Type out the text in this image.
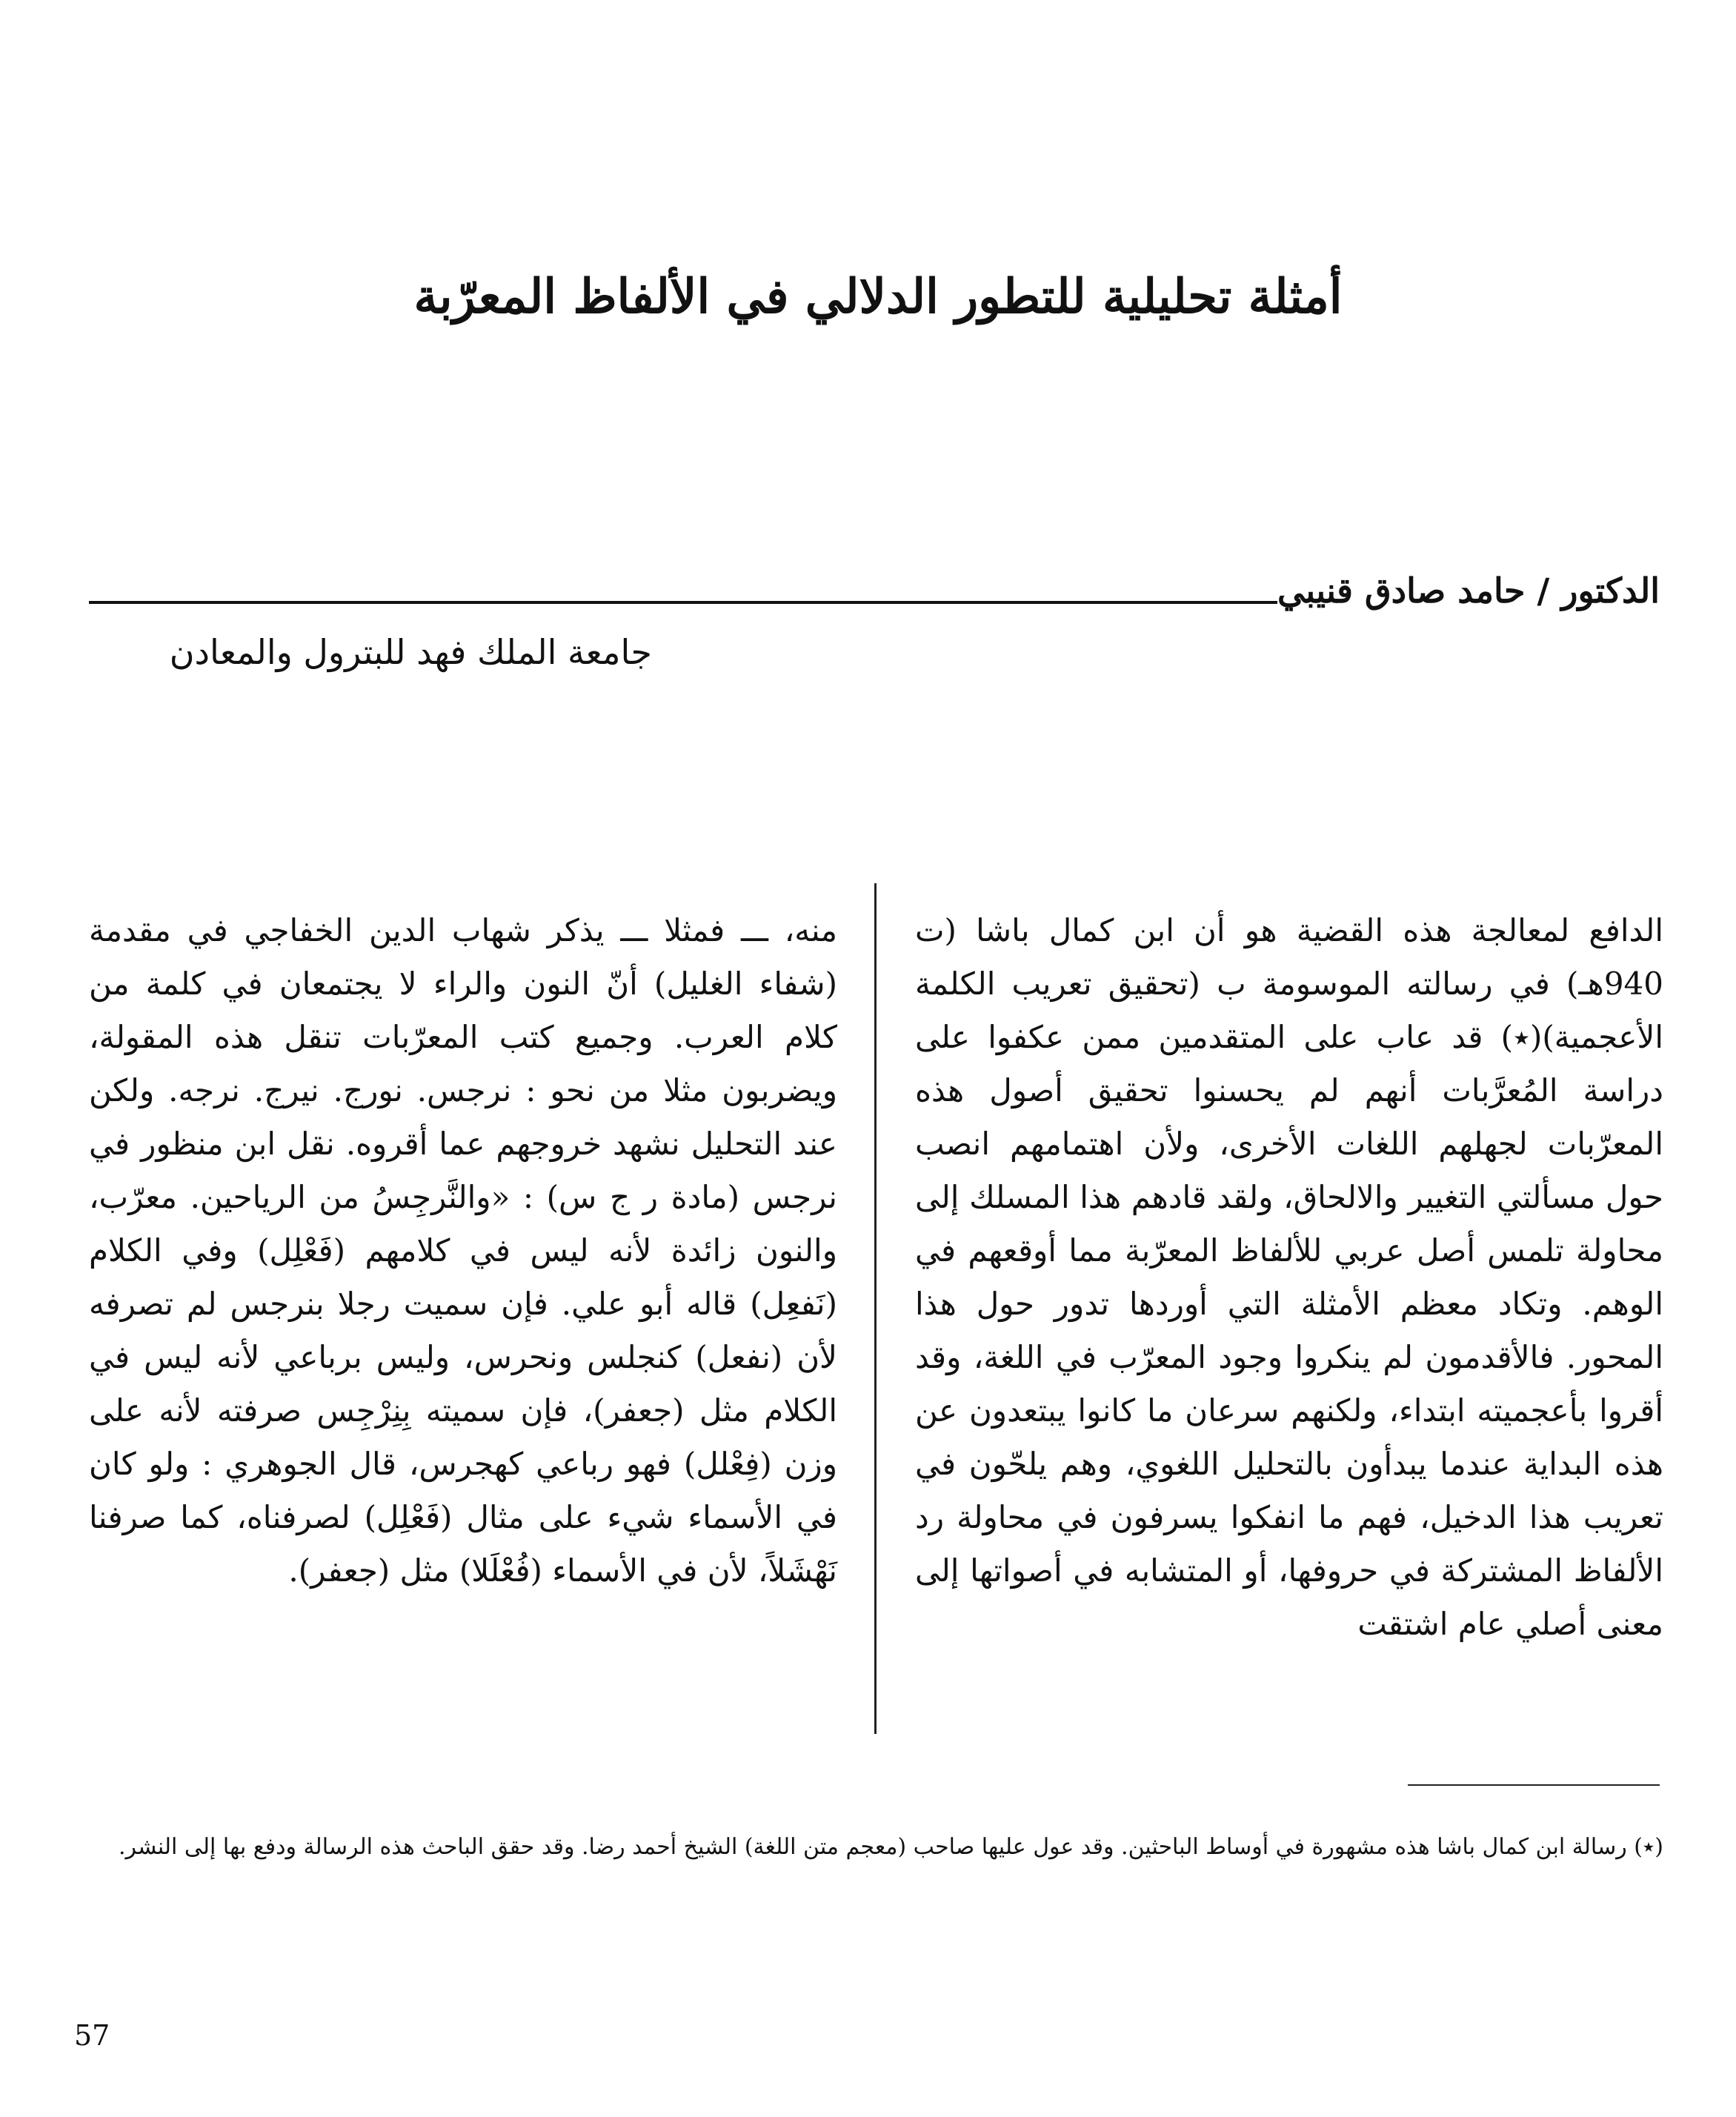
أمثلة تحليلية للتطور الدلالي في الألفاظ المعرّبة
الدكتور / حامد صادق قنيبي
جامعة الملك فهد للبترول والمعادن

الدافع لمعالجة هذه القضية هو أن ابن كمال باشا (ت 940هـ) في رسالته الموسومة ب (تحقيق تعريب الكلمة الأعجمية)(٭) قد عاب على المتقدمين ممن عكفوا على دراسة المُعرَّبات أنهم لم يحسنوا تحقيق أصول هذه المعرّبات لجهلهم اللغات الأخرى، ولأن اهتمامهم انصب حول مسألتي التغيير والالحاق، ولقد قادهم هذا المسلك إلى محاولة تلمس أصل عربي للألفاظ المعرّبة مما أوقعهم في الوهم. وتكاد معظم الأمثلة التي أوردها تدور حول هذا المحور. فالأقدمون لم ينكروا وجود المعرّب في اللغة، وقد أقروا بأعجميته ابتداء، ولكنهم سرعان ما كانوا يبتعدون عن هذه البداية عندما يبدأون بالتحليل اللغوي، وهم يلحّون في تعريب هذا الدخيل، فهم ما انفكوا يسرفون في محاولة رد الألفاظ المشتركة في حروفها، أو المتشابه في أصواتها إلى معنى أصلي عام اشتقت

منه، ـــ فمثلا ـــ يذكر شهاب الدين الخفاجي في مقدمة (شفاء الغليل) أنّ النون والراء لا يجتمعان في كلمة من كلام العرب. وجميع كتب المعرّبات تنقل هذه المقولة، ويضربون مثلا من نحو : نرجس. نورج. نيرج. نرجه. ولكن عند التحليل نشهد خروجهم عما أقروه. نقل ابن منظور في نرجس (مادة ر ج س) : «والنَّرجِسُ من الرياحين. معرّب، والنون زائدة لأنه ليس في كلامهم (فَعْلِل) وفي الكلام (نَفعِل) قاله أبو علي. فإن سميت رجلا بنرجس لم تصرفه لأن (نفعل) كنجلس ونحرس، وليس برباعي لأنه ليس في الكلام مثل (جعفر)، فإن سميته بِنِرْجِس صرفته لأنه على وزن (فِعْلل) فهو رباعي كهجرس، قال الجوهري : ولو كان في الأسماء شيء على مثال (فَعْلِل) لصرفناه، كما صرفنا نَهْشَلاً، لأن في الأسماء (فُعْلَلا) مثل (جعفر).

(٭) رسالة ابن كمال باشا هذه مشهورة في أوساط الباحثين. وقد عول عليها صاحب (معجم متن اللغة) الشيخ أحمد رضا. وقد حقق الباحث هذه الرسالة ودفع بها إلى النشر.

57
